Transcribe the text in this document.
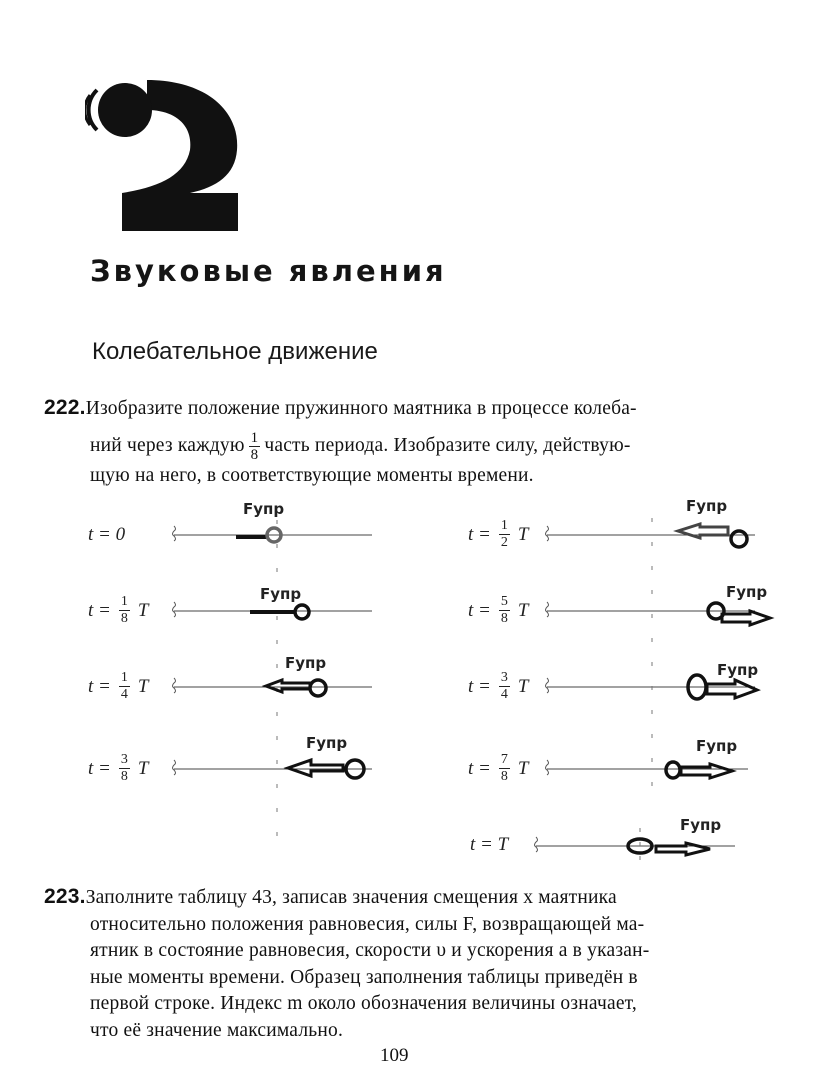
Звуковые явления
Колебательное движение
222.Изобразите положение пружинного маятника в процессе колеба-
ний через каждую $\frac{1}{8}$ часть периода. Изобразите силу, действую-
щую на него, в соответствующие моменты времени.
Fупр
Fупр
Fупр
Fупр
Fупр
Fупр
Fупр
Fупр
Fупр
t = 0
$t = \frac{1}{8}$ T
$t = \frac{1}{4}$ T
$t = \frac{3}{8}$ T
$t = \frac{1}{2}$ T
$t = \frac{5}{8}$ T
$t = \frac{3}{4}$ T
$t = \frac{7}{8}$ T
t = T
223.Заполните таблицу 43, записав значения смещения x маятника
относительно положения равновесия, силы F, возвращающей ма-
ятник в состояние равновесия, скорости υ и ускорения a в указан-
ные моменты времени. Образец заполнения таблицы приведён в
первой строке. Индекс m около обозначения величины означает,
что её значение максимально.
109
